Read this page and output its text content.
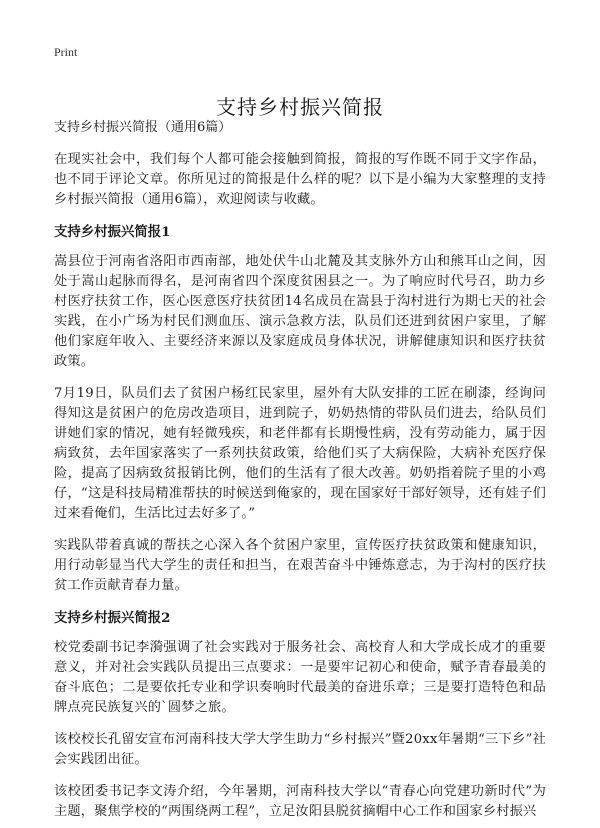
Print
支持乡村振兴简报
支持乡村振兴简报（通用6篇）

在现实社会中，我们每个人都可能会接触到简报，简报的写作既不同于文字作品，也不同于评论文章。你所见过的简报是什么样的呢？以下是小编为大家整理的支持乡村振兴简报（通用6篇），欢迎阅读与收藏。

支持乡村振兴简报1

嵩县位于河南省洛阳市西南部，地处伏牛山北麓及其支脉外方山和熊耳山之间，因处于嵩山起脉而得名，是河南省四个深度贫困县之一。为了响应时代号召，助力乡村医疗扶贫工作，医心医意医疗扶贫团14名成员在嵩县于沟村进行为期七天的社会实践，在小广场为村民们测血压、演示急救方法，队员们还进到贫困户家里，了解他们家庭年收入、主要经济来源以及家庭成员身体状况，讲解健康知识和医疗扶贫政策。

7月19日，队员们去了贫困户杨红民家里，屋外有大队安排的工匠在刷漆，经询问得知这是贫困户的危房改造项目，进到院子，奶奶热情的带队员们进去，给队员们讲她们家的情况，她有轻微残疾，和老伴都有长期慢性病，没有劳动能力，属于因病致贫，去年国家落实了一系列扶贫政策，给他们买了大病保险，大病补充医疗保险，提高了因病致贫报销比例，他们的生活有了很大改善。奶奶指着院子里的小鸡仔，“这是科技局精准帮扶的时候送到俺家的，现在国家好干部好领导，还有娃子们过来看俺们，生活比过去好多了。”

实践队带着真诚的帮扶之心深入各个贫困户家里，宣传医疗扶贫政策和健康知识，用行动彰显当代大学生的责任和担当，在艰苦奋斗中锤炼意志，为于沟村的医疗扶贫工作贡献青春力量。

支持乡村振兴简报2

校党委副书记李漪强调了社会实践对于服务社会、高校育人和大学成长成才的重要意义，并对社会实践队员提出三点要求：一是要牢记初心和使命，赋予青春最美的奋斗底色；二是要依托专业和学识奏响时代最美的奋进乐章；三是要打造特色和品牌点亮民族复兴的`圆梦之旅。

该校校长孔留安宣布河南科技大学大学生助力“乡村振兴”暨20xx年暑期“三下乡”社会实践团出征。

该校团委书记李文涛介绍，今年暑期，河南科技大学以“青春心向党建功新时代”为主题，聚焦学校的“两围绕两工程”，立足汝阳县脱贫摘帽中心工作和国家乡村振兴
